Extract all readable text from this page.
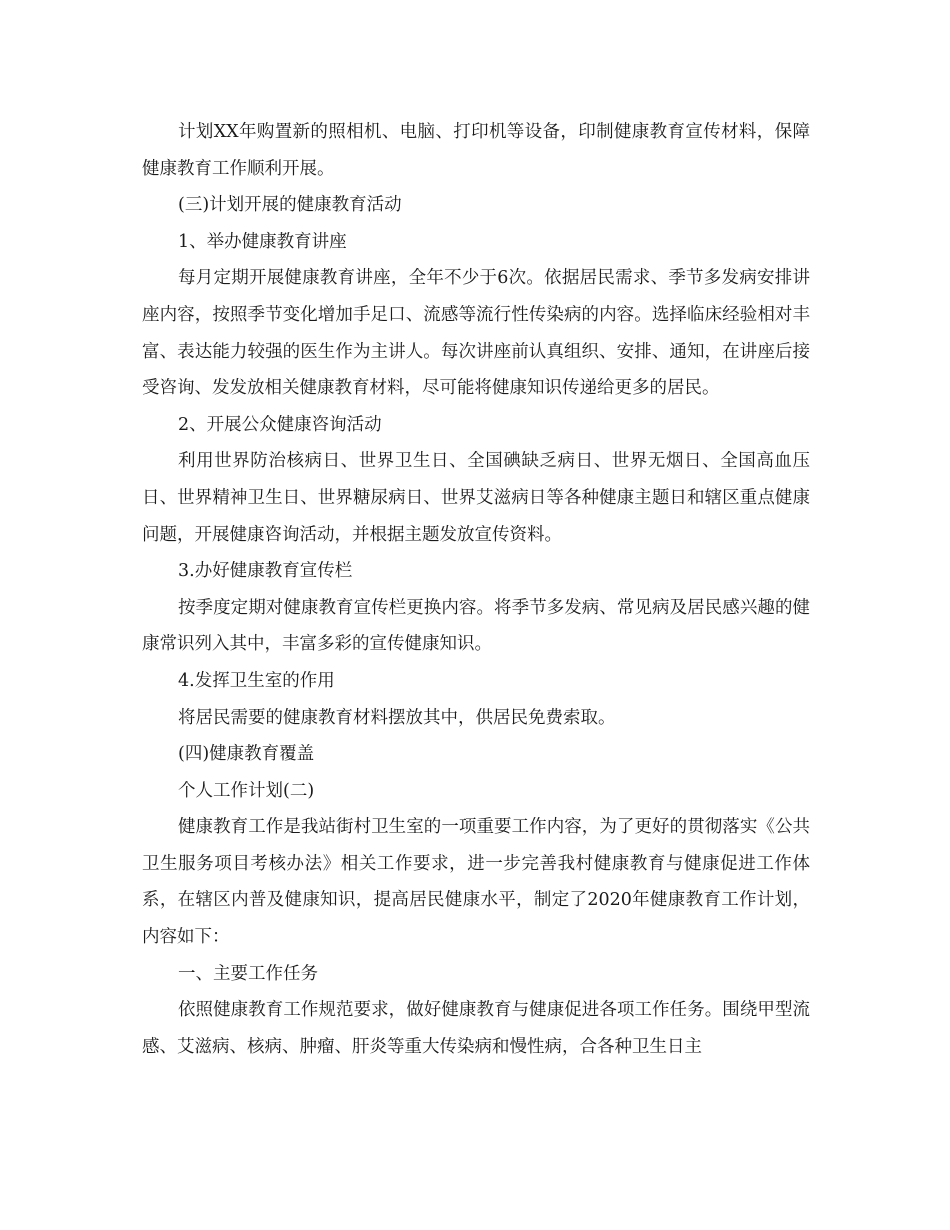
计划XX年购置新的照相机、电脑、打印机等设备，印制健康教育宣传材料，保障健康教育工作顺利开展。

(三)计划开展的健康教育活动

1、举办健康教育讲座

每月定期开展健康教育讲座，全年不少于6次。依据居民需求、季节多发病安排讲座内容，按照季节变化增加手足口、流感等流行性传染病的内容。选择临床经验相对丰富、表达能力较强的医生作为主讲人。每次讲座前认真组织、安排、通知，在讲座后接受咨询、发发放相关健康教育材料，尽可能将健康知识传递给更多的居民。

2、开展公众健康咨询活动

利用世界防治核病日、世界卫生日、全国碘缺乏病日、世界无烟日、全国高血压日、世界精神卫生日、世界糖尿病日、世界艾滋病日等各种健康主题日和辖区重点健康问题，开展健康咨询活动，并根据主题发放宣传资料。

3.办好健康教育宣传栏

按季度定期对健康教育宣传栏更换内容。将季节多发病、常见病及居民感兴趣的健康常识列入其中，丰富多彩的宣传健康知识。

4.发挥卫生室的作用

将居民需要的健康教育材料摆放其中，供居民免费索取。

(四)健康教育覆盖

个人工作计划(二)

健康教育工作是我站街村卫生室的一项重要工作内容，为了更好的贯彻落实《公共卫生服务项目考核办法》相关工作要求，进一步完善我村健康教育与健康促进工作体系，在辖区内普及健康知识，提高居民健康水平，制定了2020年健康教育工作计划，内容如下：

一、主要工作任务

依照健康教育工作规范要求，做好健康教育与健康促进各项工作任务。围绕甲型流感、艾滋病、核病、肿瘤、肝炎等重大传染病和慢性病，合各种卫生日主
